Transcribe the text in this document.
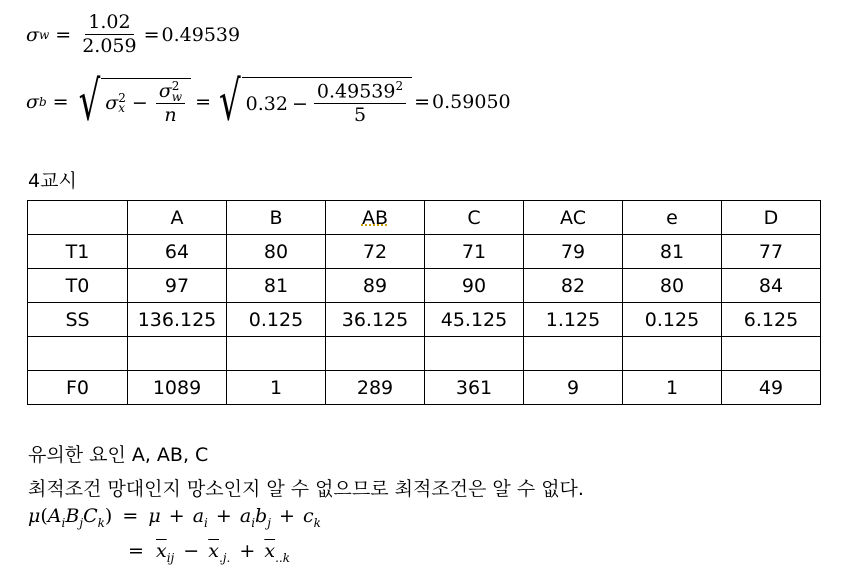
σ $w = \frac{1.02}{2.059} = 0.49539$
σ b = √ σ 2
x − σ 2
w
n = √ $0.32 - \frac{0.49539^2}{5} = 0.59050$
4교시
	A	B	AB	C	AC	e	D
T1	64	80	72	71	79	81	77
T0	97	81	89	90	82	80	84
SS	136.125	0.125	36.125	45.125	1.125	0.125	6.125

F0	1089	1	289	361	9	1	49
유의한 요인 A, AB, C
최적조건 망대인지 망소인지 알 수 없으므로 최적조건은 알 수 없다.
$\mu(A_iB_jC_k) = \mu + a_i + a_ib_j + c_k$
= $\overline{x}_{ij} - \overline{x}_{.j.} + \overline{x}_{..k}$
